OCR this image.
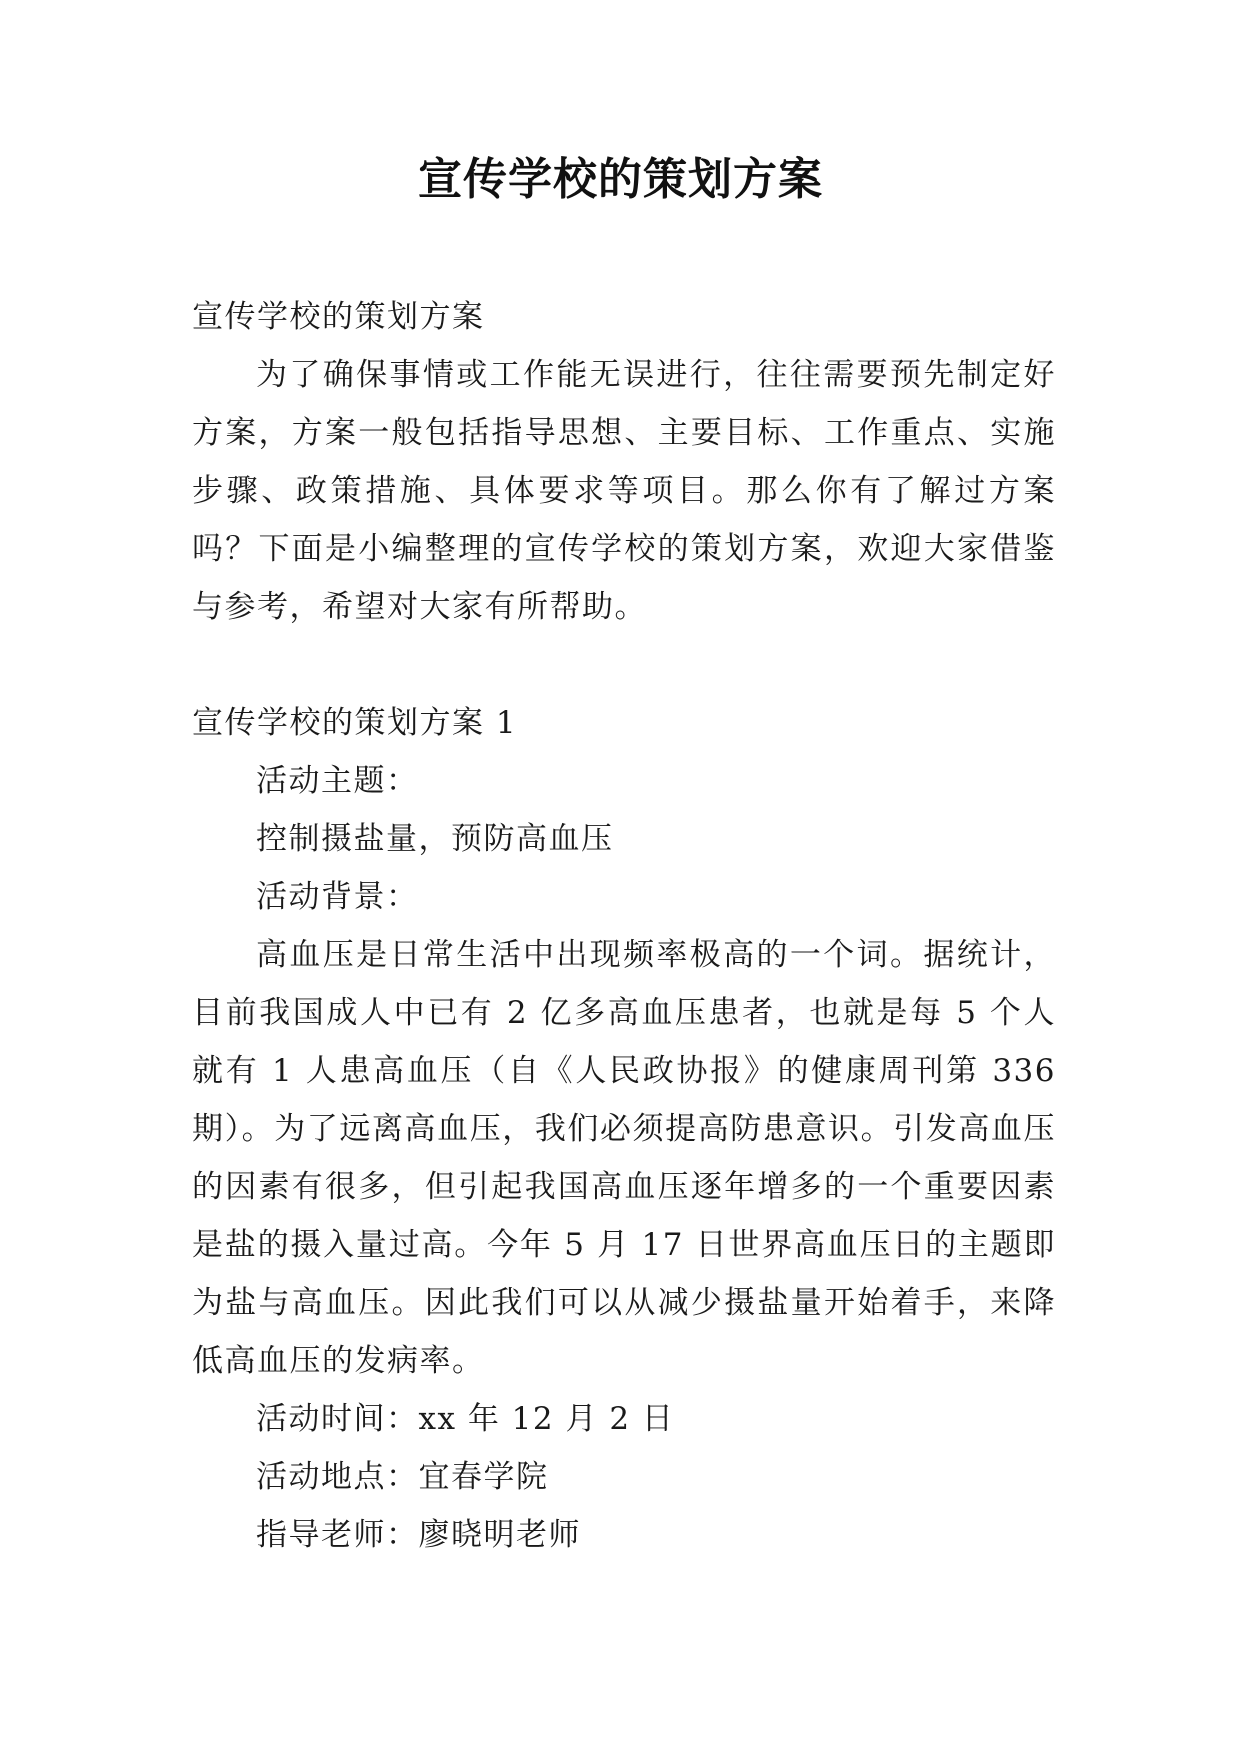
宣传学校的策划方案

宣传学校的策划方案

为了确保事情或工作能无误进行，往往需要预先制定好方案，方案一般包括指导思想、主要目标、工作重点、实施步骤、政策措施、具体要求等项目。那么你有了解过方案吗？下面是小编整理的宣传学校的策划方案，欢迎大家借鉴与参考，希望对大家有所帮助。

宣传学校的策划方案 1

活动主题：

控制摄盐量，预防高血压

活动背景：

高血压是日常生活中出现频率极高的一个词。据统计，目前我国成人中已有 2 亿多高血压患者，也就是每 5 个人就有 1 人患高血压（自《人民政协报》的健康周刊第 336 期）。为了远离高血压，我们必须提高防患意识。引发高血压的因素有很多，但引起我国高血压逐年增多的一个重要因素是盐的摄入量过高。今年 5 月 17 日世界高血压日的主题即为盐与高血压。因此我们可以从减少摄盐量开始着手，来降低高血压的发病率。

活动时间：xx 年 12 月 2 日

活动地点：宜春学院

指导老师：廖晓明老师
